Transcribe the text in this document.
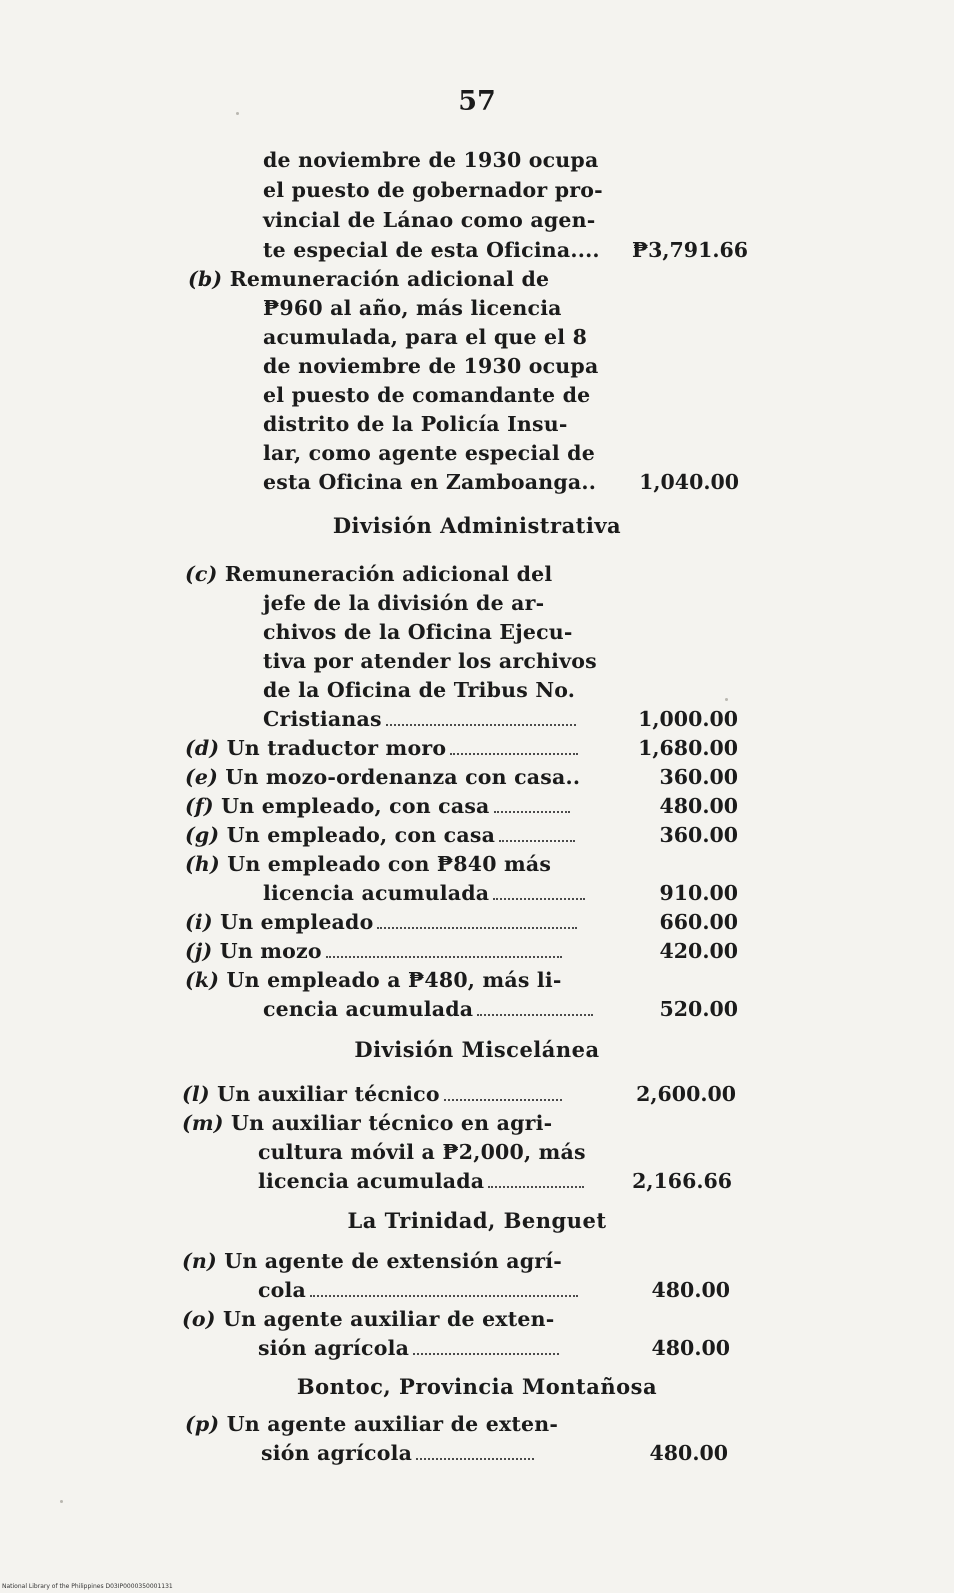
57
de noviembre de 1930 ocupa
el puesto de gobernador pro-
vincial de Lánao como agen-
te especial de esta Oficina.... ₱3,791.66
(b) Remuneración adicional de
₱960 al año, más licencia
acumulada, para el que el 8
de noviembre de 1930 ocupa
el puesto de comandante de
distrito de la Policía Insu-
lar, como agente especial de
esta Oficina en Zamboanga.. 1,040.00
División Administrativa
(c) Remuneración adicional del
jefe de la división de ar-
chivos de la Oficina Ejecu-
tiva por atender los archivos
de la Oficina de Tribus No.
Cristianas	1,000.00
(d) Un traductor moro	1,680.00
(e) Un mozo-ordenanza con casa..	360.00
(f) Un empleado, con casa	480.00
(g) Un empleado, con casa	360.00
(h) Un empleado con ₱840 más
licencia acumulada	910.00
(i) Un empleado	660.00
(j) Un mozo	420.00
(k) Un empleado a ₱480, más li-
cencia acumulada	520.00
División Miscelánea
(l) Un auxiliar técnico	2,600.00
(m) Un auxiliar técnico en agri-
cultura móvil a ₱2,000, más
licencia acumulada	2,166.66
La Trinidad, Benguet
(n) Un agente de extensión agrí-
cola	480.00
(o) Un agente auxiliar de exten-
sión agrícola	480.00
Bontoc, Provincia Montañosa
(p) Un agente auxiliar de exten-
sión agrícola	480.00
National Library of the Philippines D03IP0000350001131
